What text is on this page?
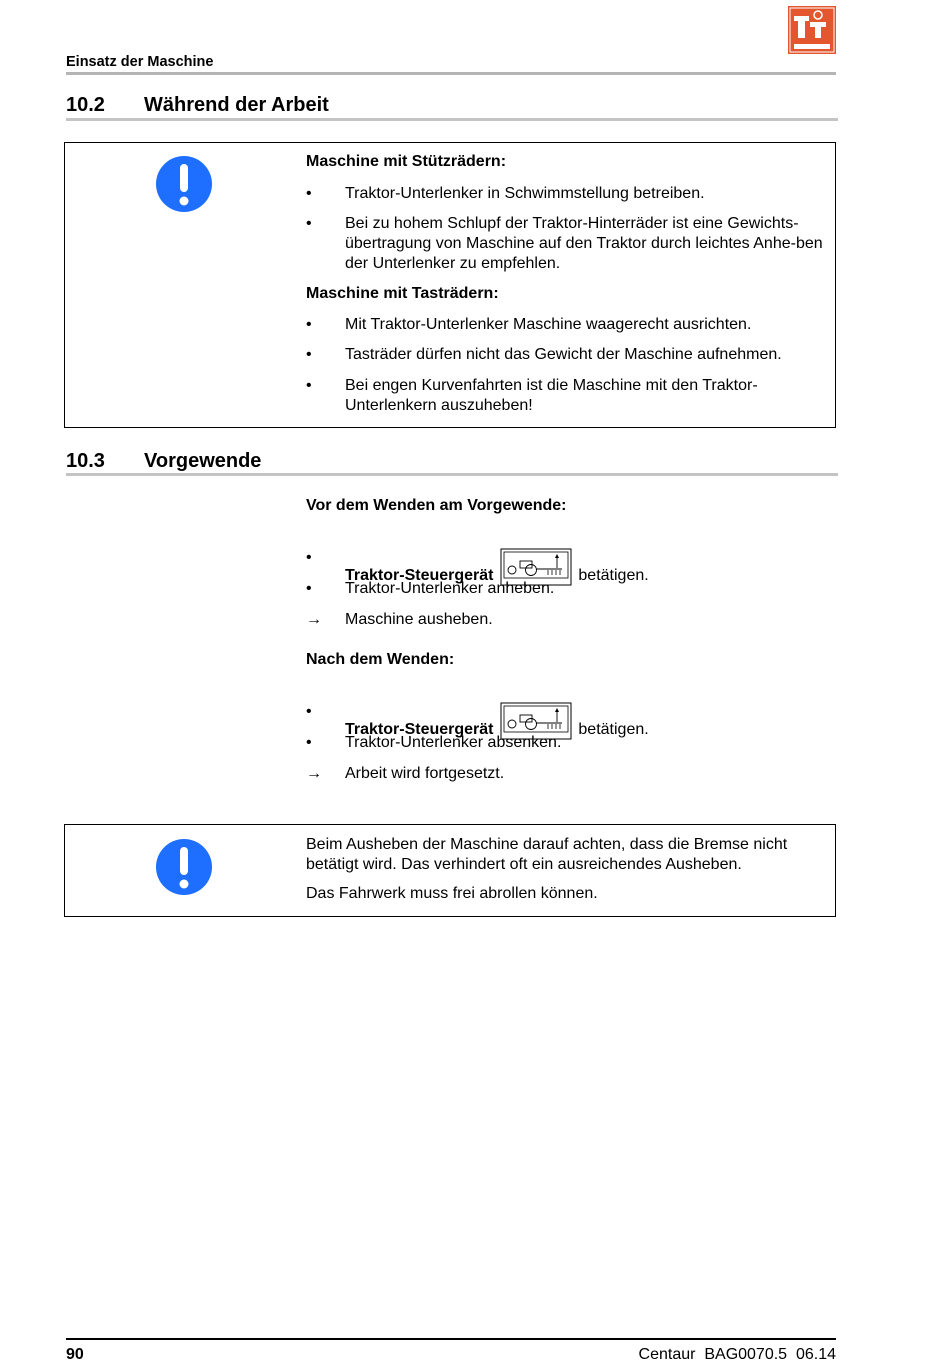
Einsatz der Maschine
10.2 Während der Arbeit
Maschine mit Stützrädern:
•	Traktor-Unterlenker in Schwimmstellung betreiben.
•	Bei zu hohem Schlupf der Traktor-Hinterräder ist eine Gewichts-übertragung von Maschine auf den Traktor durch leichtes Anhe-ben der Unterlenker zu empfehlen.
Maschine mit Tasträdern:
•	Mit Traktor-Unterlenker Maschine waagerecht ausrichten.
•	Tasträder dürfen nicht das Gewicht der Maschine aufnehmen.
•	Bei engen Kurvenfahrten ist die Maschine mit den Traktor-Unterlenkern auszuheben!
10.3 Vorgewende
Vor dem Wenden am Vorgewende:
•
Traktor-Steuergerät	betätigen.
•	Traktor-Unterlenker anheben.
→ Maschine ausheben.
Nach dem Wenden:
•
Traktor-Steuergerät	betätigen.
•	Traktor-Unterlenker absenken.
→ Arbeit wird fortgesetzt.
Beim Ausheben der Maschine darauf achten, dass die Bremse nicht betätigt wird. Das verhindert oft ein ausreichendes Ausheben.
Das Fahrwerk muss frei abrollen können.
90	Centaur  BAG0070.5  06.14
